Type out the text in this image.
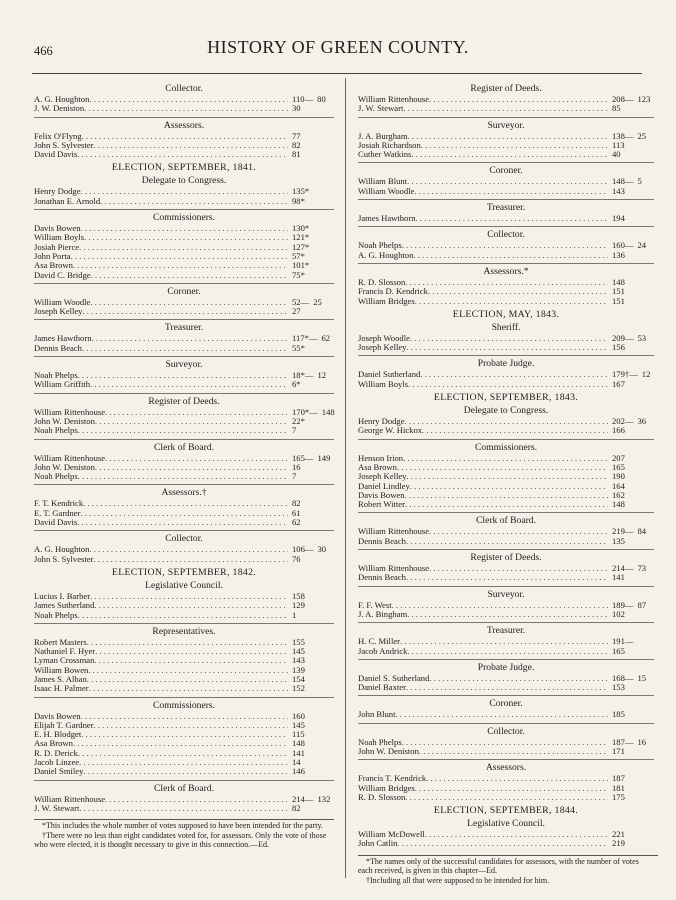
466	HISTORY OF GREEN COUNTY.
Collector.
A. G. Houghton . . .	110— 80
J. W. Deniston . . .	30
Assessors.
Felix O'Flyng . . .	77
John S. Sylvester . . .	82
David Davis . . .	81
ELECTION, SEPTEMBER, 1841.
Delegate to Congress.
Henry Dodge . . .	135*
Jonathan E. Arnold . . .	98*
Commissioners.
Davis Bowen . . .	130*
William Boyls . . .	121*
Josiah Pierce . . .	127*
John Porta . . .	57*
Asa Brown . . .	101*
David C. Bridge . . .	75*
Coroner.
William Woodle . . .	52— 25
Joseph Kelley . . .	27
Treasurer.
James Hawthorn . . .	117*— 62
Dennis Beach . . .	55*
Surveyor.
Noah Phelps . . .	18*— 12
William Griffith . . .	6*
Register of Deeds.
William Rittenhouse . . .	170*— 148
John W. Deniston . . .	22*
Noah Phelps . . .	7
Clerk of Board.
William Rittenhouse . . .	165— 149
John W. Deniston . . .	16
Noah Phelps . . .	7
Assessors.†
F. T. Kendrick . . .	82
E. T. Gardner . . .	61
David Davis . . .	62
Collector.
A. G. Houghton . . .	106— 30
John S. Sylvester . . .	76
ELECTION, SEPTEMBER, 1842.
Legislative Council.
Lucius I. Barber . . .	158
James Sutherland . . .	129
Noah Phelps . . .	1
Representatives.
Robert Masters . . .	155
Nathaniel F. Hyer . . .	145
Lyman Crossman . . .	143
William Bowen . . .	139
James S. Alban . . .	154
Isaac H. Palmer . . .	152
Commissioners.
Davis Bowen . . .	160
Elijah T. Gardner . . .	145
E. H. Blodget . . .	115
Asa Brown . . .	148
R. D. Derick . . .	141
Jacob Linzee . . .	14
Daniel Smiley . . .	146
Clerk of Board.
William Rittenhouse . . .	214— 132
J. W. Stewart . . .	82
*This includes the whole number of votes supposed to have been intended for the party.
†There were no less than eight candidates voted for, for assessors. Only the vote of those who were elected, it is thought necessary to give in this connection.—Ed.
Register of Deeds.
William Rittenhouse . . .	208— 123
J. W. Stewart . . .	85
Surveyor.
J. A. Burgham . . .	138— 25
Josiah Richardson . . .	113
Cuther Watkins . . .	40
Coroner.
William Blunt . . .	148— 5
William Woodle . . .	143
Treasurer.
James Hawthorn . . .	194
Collector.
Noah Phelps . . .	160— 24
A. G. Houghton . . .	136
Assessors.*
R. D. Slosson . . .	148
Francis D. Kendrick . . .	151
William Bridges . . .	151
ELECTION, MAY, 1843.
Sheriff.
Joseph Woodle . . .	209— 53
Joseph Kelley . . .	156
Probate Judge.
Daniel Sutherland . . .	179†— 12
William Boyls . . .	167
ELECTION, SEPTEMBER, 1843.
Delegate to Congress.
Henry Dodge . . .	202— 36
George W. Hickox . . .	166
Commissioners.
Henson Irion . . .	207
Asa Brown . . .	165
Joseph Kelley . . .	190
Daniel Lindley . . .	164
Davis Bowen . . .	162
Robert Witter . . .	148
Clerk of Board.
William Rittenhouse . . .	219— 84
Dennis Beach . . .	135
Register of Deeds.
William Rittenhouse . . .	214— 73
Dennis Beach . . .	141
Surveyor.
F. F. West . . .	189— 87
J. A. Bingham . . .	102
Treasurer.
H. C. Miller . . .	191—
Jacob Andrick . . .	165
Probate Judge.
Daniel S. Sutherland . . .	168— 15
Daniel Baxter . . .	153
Coroner.
John Blunt . . .	185
Collector.
Noah Phelps . . .	187— 16
John W. Deniston . . .	171
Assessors.
Francis T. Kendrick . . .	187
William Bridges . . .	181
R. D. Slosson . . .	175
ELECTION, SEPTEMBER, 1844.
Legislative Council.
William McDowell . . .	221
John Catlin . . .	219
*The names only of the successful candidates for assessors, with the number of votes each received, is given in this chapter—Ed.
†Including all that were supposed to be intended for him.
